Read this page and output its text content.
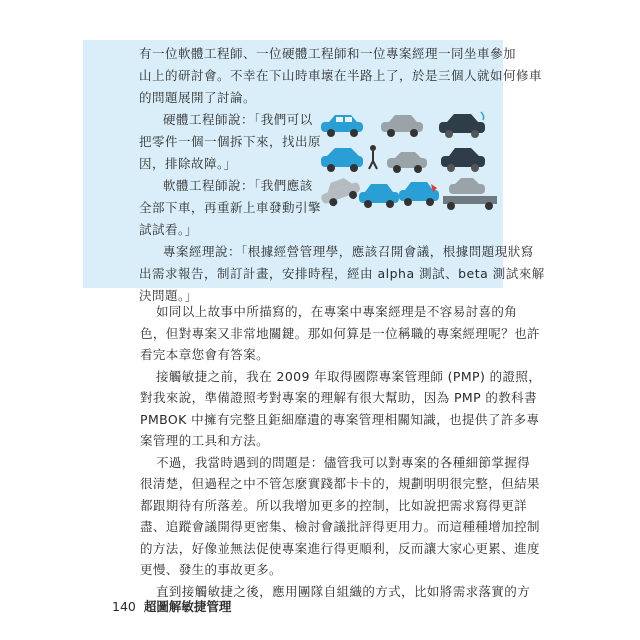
有一位軟體工程師、一位硬體工程師和一位專案經理一同坐車參加

山上的研討會。不幸在下山時車壞在半路上了，於是三個人就如何修車

的問題展開了討論。

硬體工程師說：「我們可以

把零件一個一個拆下來，找出原

因，排除故障。」

軟體工程師說：「我們應該

全部下車，再重新上車發動引擎

試試看。」

專案經理說：「根據經營管理學，應該召開會議，根據問題現狀寫

出需求報告，制訂計畫，安排時程，經由 alpha 測試、beta 測試來解

決問題。」

如同以上故事中所描寫的，在專案中專案經理是不容易討喜的角

色，但對專案又非常地關鍵。那如何算是一位稱職的專案經理呢？也許

看完本章您會有答案。

接觸敏捷之前，我在 2009 年取得國際專案管理師 (PMP) 的證照，

對我來說，準備證照考對專案的理解有很大幫助，因為 PMP 的教科書

PMBOK 中擁有完整且鉅細靡遺的專案管理相關知識，也提供了許多專

案管理的工具和方法。

不過，我當時遇到的問題是：儘管我可以對專案的各種細節掌握得

很清楚，但過程之中不管怎麼實踐都卡卡的，規劃明明很完整，但結果

都跟期待有所落差。所以我增加更多的控制，比如說把需求寫得更詳

盡、追蹤會議開得更密集、檢討會議批評得更用力。而這種種增加控制

的方法，好像並無法促使專案進行得更順利，反而讓大家心更累、進度

更慢、發生的事故更多。

直到接觸敏捷之後，應用團隊自組織的方式，比如將需求落實的方

140 超圖解敏捷管理
